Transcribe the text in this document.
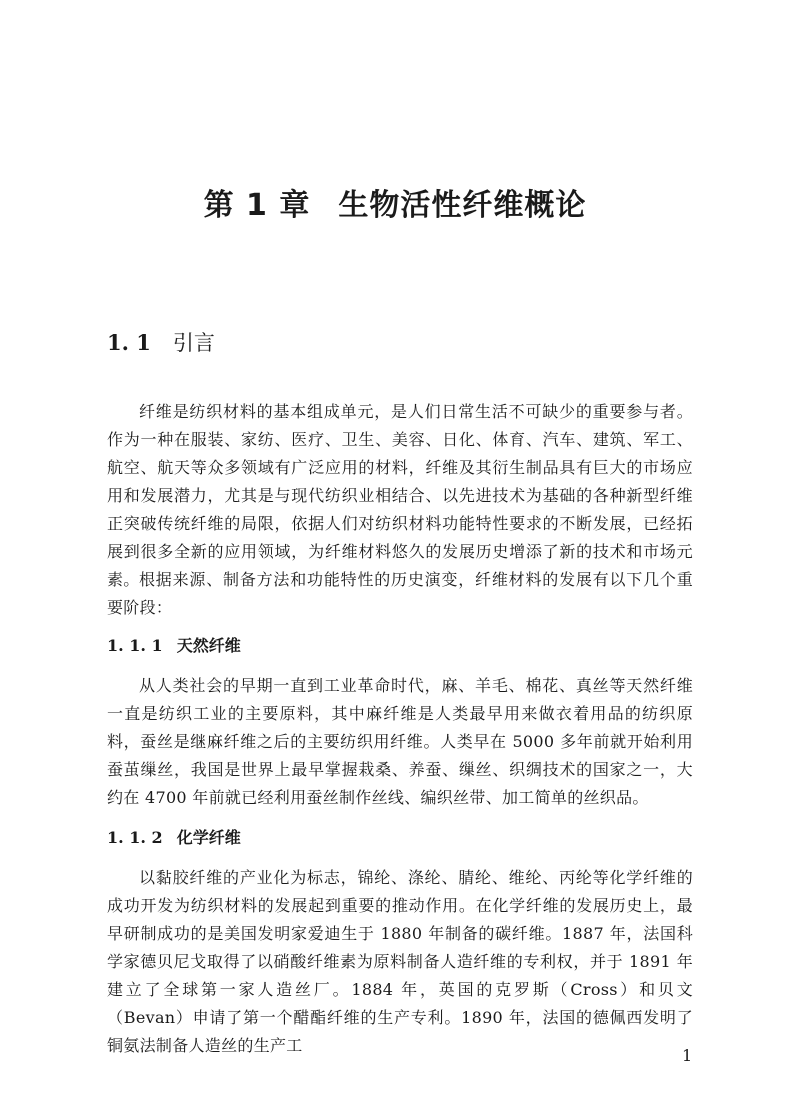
第 1 章 生物活性纤维概论
1. 1 引言

纤维是纺织材料的基本组成单元，是人们日常生活不可缺少的重要参与者。作为一种在服装、家纺、医疗、卫生、美容、日化、体育、汽车、建筑、军工、航空、航天等众多领域有广泛应用的材料，纤维及其衍生制品具有巨大的市场应用和发展潜力，尤其是与现代纺织业相结合、以先进技术为基础的各种新型纤维正突破传统纤维的局限，依据人们对纺织材料功能特性要求的不断发展，已经拓展到很多全新的应用领域，为纤维材料悠久的发展历史增添了新的技术和市场元素。 根据来源、制备方法和功能特性的历史演变，纤维材料的发展有以下几个重要阶段：

1. 1. 1 天然纤维

从人类社会的早期一直到工业革命时代，麻、羊毛、棉花、真丝等天然纤维一直是纺织工业的主要原料，其中麻纤维是人类最早用来做衣着用品的纺织原料，蚕丝是继麻纤维之后的主要纺织用纤维。人类早在 5000 多年前就开始利用蚕茧缫丝，我国是世界上最早掌握栽桑、养蚕、缫丝、织绸技术的国家之一，大约在 4700 年前就已经利用蚕丝制作丝线、编织丝带、加工简单的丝织品。

1. 1. 2 化学纤维

以黏胶纤维的产业化为标志，锦纶、涤纶、腈纶、维纶、丙纶等化学纤维的成功开发为纺织材料的发展起到重要的推动作用。在化学纤维的发展历史上，最早研制成功的是美国发明家爱迪生于 1880 年制备的碳纤维。1887 年，法国科学家德贝尼戈取得了以硝酸纤维素为原料制备人造纤维的专利权，并于 1891 年建立了全球第一家人造丝厂。1884 年，英国的克罗斯（Cross）和贝文（Bevan）申请了第一个醋酯纤维的生产专利。1890 年，法国的德佩西发明了铜氨法制备人造丝的生产工

1
